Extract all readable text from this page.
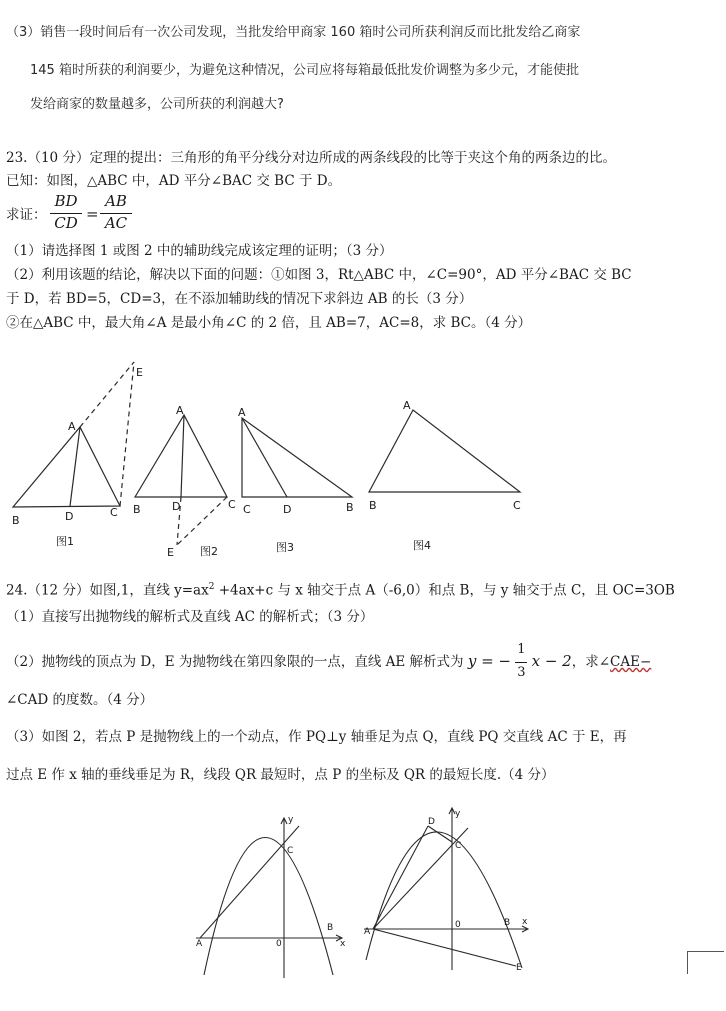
（3）销售一段时间后有一次公司发现，当批发给甲商家 160 箱时公司所获利润反而比批发给乙商家
145 箱时所获的利润要少，为避免这种情况，公司应将每箱最低批发价调整为多少元，才能使批
发给商家的数量越多，公司所获的利润越大?
23.（10 分）定理的提出：三角形的角平分线分对边所成的两条线段的比等于夹这个角的两条边的比。
已知：如图，△ABC 中，AD 平分∠BAC 交 BC 于 D。
求证：
BD
CD =
AB
AC
（1）请选择图 1 或图 2 中的辅助线完成该定理的证明；（3 分）
（2）利用该题的结论，解决以下面的问题：①如图 3，Rt△ABC 中，∠C=90°，AD 平分∠BAC 交 BC
于 D，若 BD=5，CD=3，在不添加辅助线的情况下求斜边 AB 的长（3 分）
②在△ABC 中，最大角∠A 是最小角∠C 的 2 倍，且 AB=7，AC=8，求 BC。（4 分）
A
E
B	D	C
A
B	D	C
E
A
C	D	B
A
B	C
图1
图2	图3	图4
24.（12 分）如图,1，直线 $y=ax^2 +4ax+c$ 与 x 轴交于点 A（-6,0）和点 B，与 y 轴交于点 C，且 OC=3OB
（1）直接写出抛物线的解析式及直线 AC 的解析式；（3 分）
（2）抛物线的顶点为 D，E 为抛物线在第四象限的一点，直线 AE 解析式为 y = − $\frac{1}{3}$ x − 2，求∠CAE−
∠CAD 的度数。（4 分）
（3）如图 2，若点 P 是抛物线上的一个动点，作 PQ⊥y 轴垂足为点 Q，直线 PQ 交直线 AC 于 E，再
过点 E 作 x 轴的垂线垂足为 R，线段 QR 最短时，点 P 的坐标及 QR 的最短长度.（4 分）
A	0
B
x
y
C
A
D
C
0	B x
y
E
